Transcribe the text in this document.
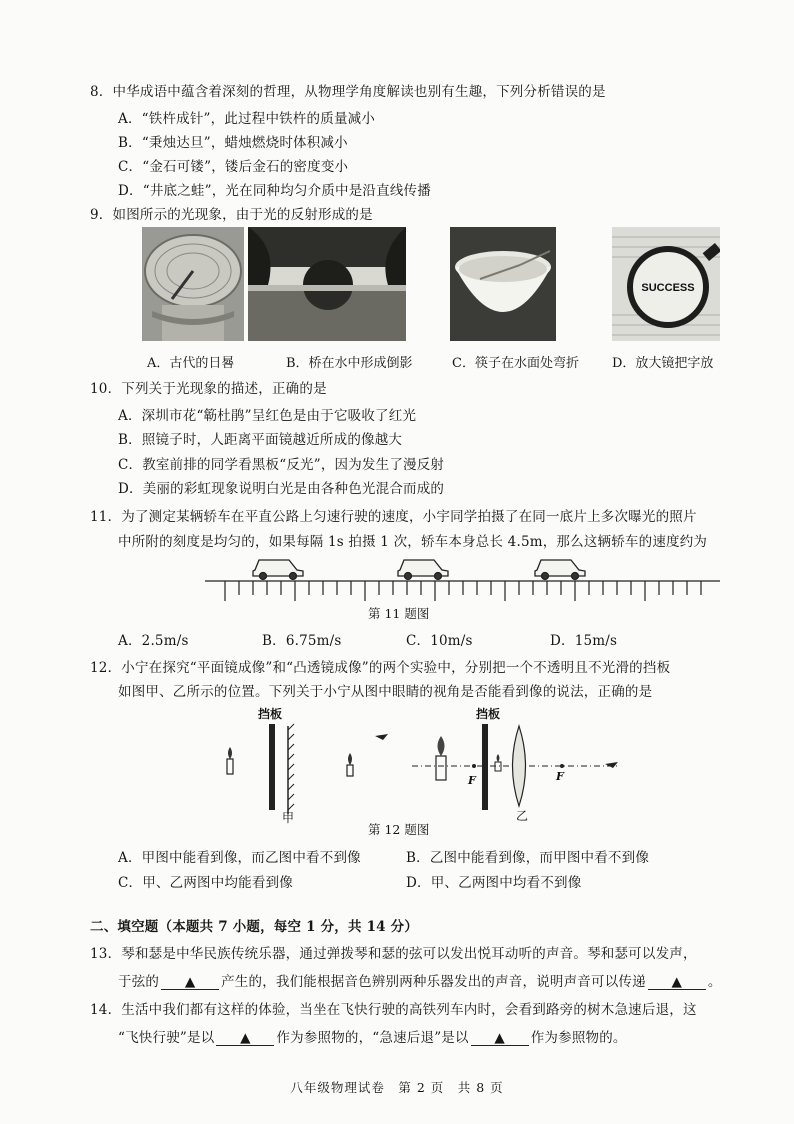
8．中华成语中蕴含着深刻的哲理，从物理学角度解读也别有生趣，下列分析错误的是
A．“铁杵成针”，此过程中铁杵的质量减小
B．“秉烛达旦”，蜡烛燃烧时体积减小
C．“金石可镂”，镂后金石的密度变小
D．“井底之蛙”，光在同种均匀介质中是沿直线传播
9．如图所示的光现象，由于光的反射形成的是
SUCCESS
A．古代的日晷	B．桥在水中形成倒影	C．筷子在水面处弯折	D．放大镜把字放
10．下列关于光现象的描述，正确的是
A．深圳市花“簕杜鹃”呈红色是由于它吸收了红光
B．照镜子时，人距离平面镜越近所成的像越大
C．教室前排的同学看黑板“反光”，因为发生了漫反射
D．美丽的彩虹现象说明白光是由各种色光混合而成的
11．为了测定某辆轿车在平直公路上匀速行驶的速度，小宇同学拍摄了在同一底片上多次曝光的照片
中所附的刻度是均匀的，如果每隔 1s 拍摄 1 次，轿车本身总长 4.5m，那么这辆轿车的速度约为
第 11 题图
A．2.5m/s	B．6.75m/s	C．10m/s	D．15m/s
12．小宁在探究“平面镜成像”和“凸透镜成像”的两个实验中，分别把一个不透明且不光滑的挡板
如图甲、乙所示的位置。下列关于小宁从图中眼睛的视角是否能看到像的说法，正确的是
挡板
甲
F
挡板
F
乙
第 12 题图
A．甲图中能看到像，而乙图中看不到像	B．乙图中能看到像，而甲图中看不到像
C．甲、乙两图中均能看到像	D．甲、乙两图中均看不到像
二、填空题（本题共 7 小题，每空 1 分，共 14 分）
13．琴和瑟是中华民族传统乐器，通过弹拨琴和瑟的弦可以发出悦耳动听的声音。琴和瑟可以发声，
于弦的 ▲ 产生的，我们能根据音色辨别两种乐器发出的声音，说明声音可以传递 ▲ 。
14．生活中我们都有这样的体验，当坐在飞快行驶的高铁列车内时，会看到路旁的树木急速后退，这
“飞快行驶”是以 ▲ 作为参照物的，“急速后退”是以 ▲ 作为参照物的。
八年级物理试卷　第 2 页　共 8 页
